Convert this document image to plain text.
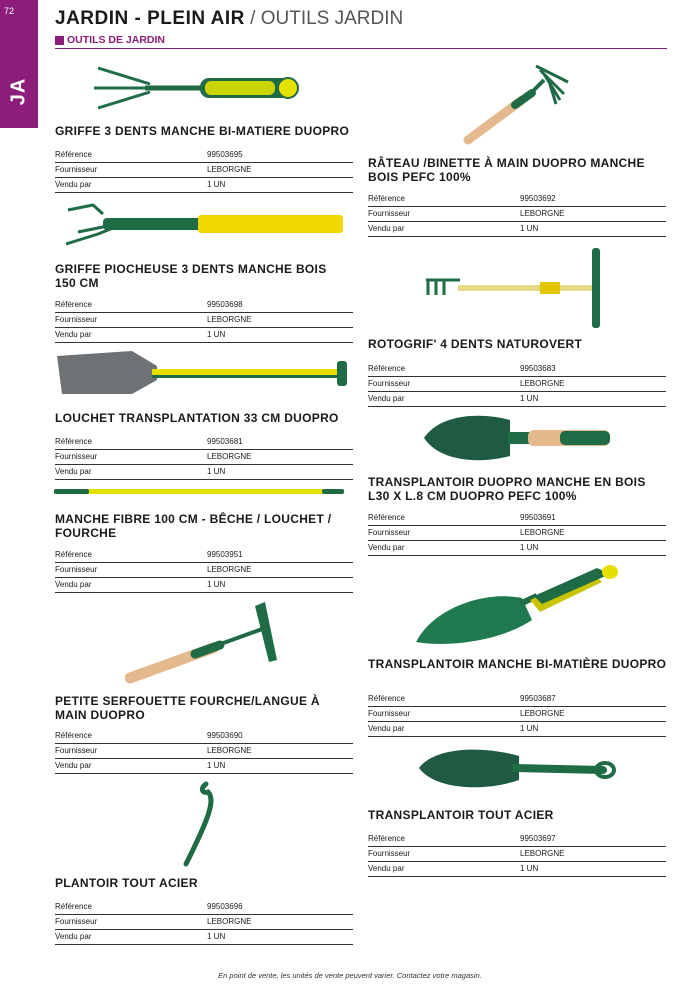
72
JA
JARDIN - PLEIN AIR / OUTILS JARDIN
OUTILS DE JARDIN
GRIFFE 3 DENTS MANCHE BI-MATIERE DUOPRO
Référence	99503695
Fournisseur	LEBORGNE
Vendu par	1 UN
GRIFFE PIOCHEUSE 3 DENTS MANCHE BOIS 150 CM
Référence	99503698
Fournisseur	LEBORGNE
Vendu par	1 UN
LOUCHET TRANSPLANTATION 33 CM DUOPRO
Référence	99503681
Fournisseur	LEBORGNE
Vendu par	1 UN
MANCHE FIBRE 100 CM - BÊCHE / LOUCHET / FOURCHE
Référence	99503951
Fournisseur	LEBORGNE
Vendu par	1 UN
PETITE SERFOUETTE FOURCHE/LANGUE À MAIN DUOPRO
Référence	99503690
Fournisseur	LEBORGNE
Vendu par	1 UN
PLANTOIR TOUT ACIER
Référence	99503696
Fournisseur	LEBORGNE
Vendu par	1 UN
RÂTEAU /BINETTE À MAIN DUOPRO MANCHE BOIS PEFC 100%
Référence	99503692
Fournisseur	LEBORGNE
Vendu par	1 UN
ROTOGRIF' 4 DENTS NATUROVERT
Référence	99503683
Fournisseur	LEBORGNE
Vendu par	1 UN
TRANSPLANTOIR DUOPRO MANCHE EN BOIS L30 X L.8 CM DUOPRO PEFC 100%
Référence	99503691
Fournisseur	LEBORGNE
Vendu par	1 UN
TRANSPLANTOIR MANCHE BI-MATIÈRE DUOPRO
Référence	99503687
Fournisseur	LEBORGNE
Vendu par	1 UN
TRANSPLANTOIR TOUT ACIER
Référence	99503697
Fournisseur	LEBORGNE
Vendu par	1 UN
En point de vente, les unités de vente peuvent varier. Contactez votre magasin.
